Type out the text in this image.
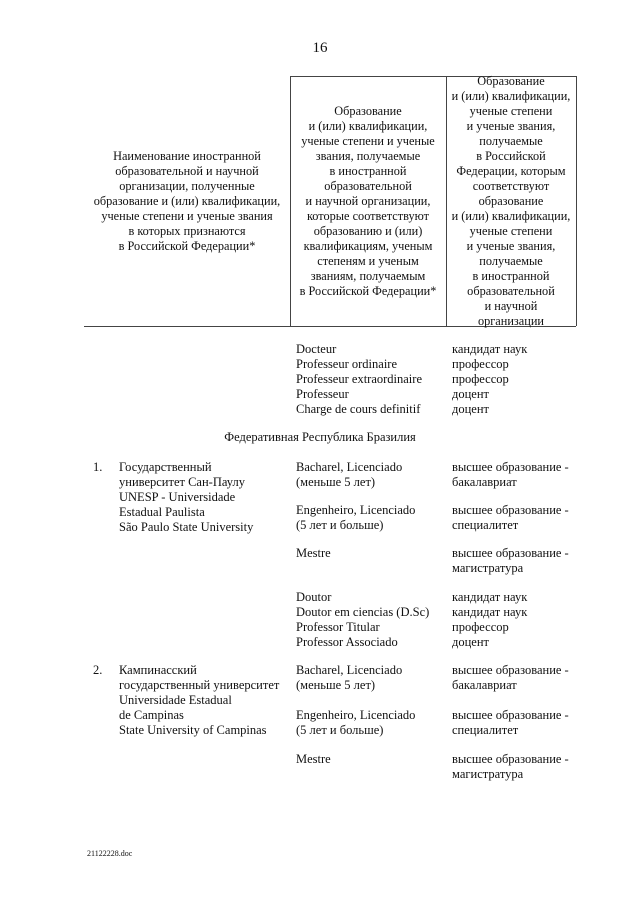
16
Наименование иностранной
образовательной и научной
организации, полученные
образование и (или) квалификации,
ученые степени и ученые звания
в которых признаются
в Российской Федерации*
Образование
и (или) квалификации,
ученые степени и ученые
звания, получаемые
в иностранной
образовательной
и научной организации,
которые соответствуют
образованию и (или)
квалификациям, ученым
степеням и ученым
званиям, получаемым
в Российской Федерации*
Образование
и (или) квалификации,
ученые степени
и ученые звания,
получаемые
в Российской
Федерации, которым
соответствуют
образование
и (или) квалификации,
ученые степени
и ученые звания,
получаемые
в иностранной
образовательной
и научной
организации
Docteur
Professeur ordinaire
Professeur extraordinaire
Professeur
Charge de cours definitif
кандидат наук
профессор
профессор
доцент
доцент
Федеративная Республика Бразилия
1. Государственный
университет Сан-Паулу
UNESP - Universidade
Estadual Paulista
São Paulo State University
Bacharel, Licenciado
(меньше 5 лет)
высшее образование -
бакалавриат
Engenheiro, Licenciado
(5 лет и больше)
высшее образование -
специалитет
Mestre	высшее образование -
магистратура
Doutor
Doutor em ciencias (D.Sc)
Professor Titular
Professor Associado
кандидат наук
кандидат наук
профессор
доцент
2. Кампинасский
государственный университет
Universidade Estadual
de Campinas
State University of Campinas
Bacharel, Licenciado
(меньше 5 лет)
высшее образование -
бакалавриат
Engenheiro, Licenciado
(5 лет и больше)
высшее образование -
специалитет
Mestre	высшее образование -
магистратура
21122228.doc
